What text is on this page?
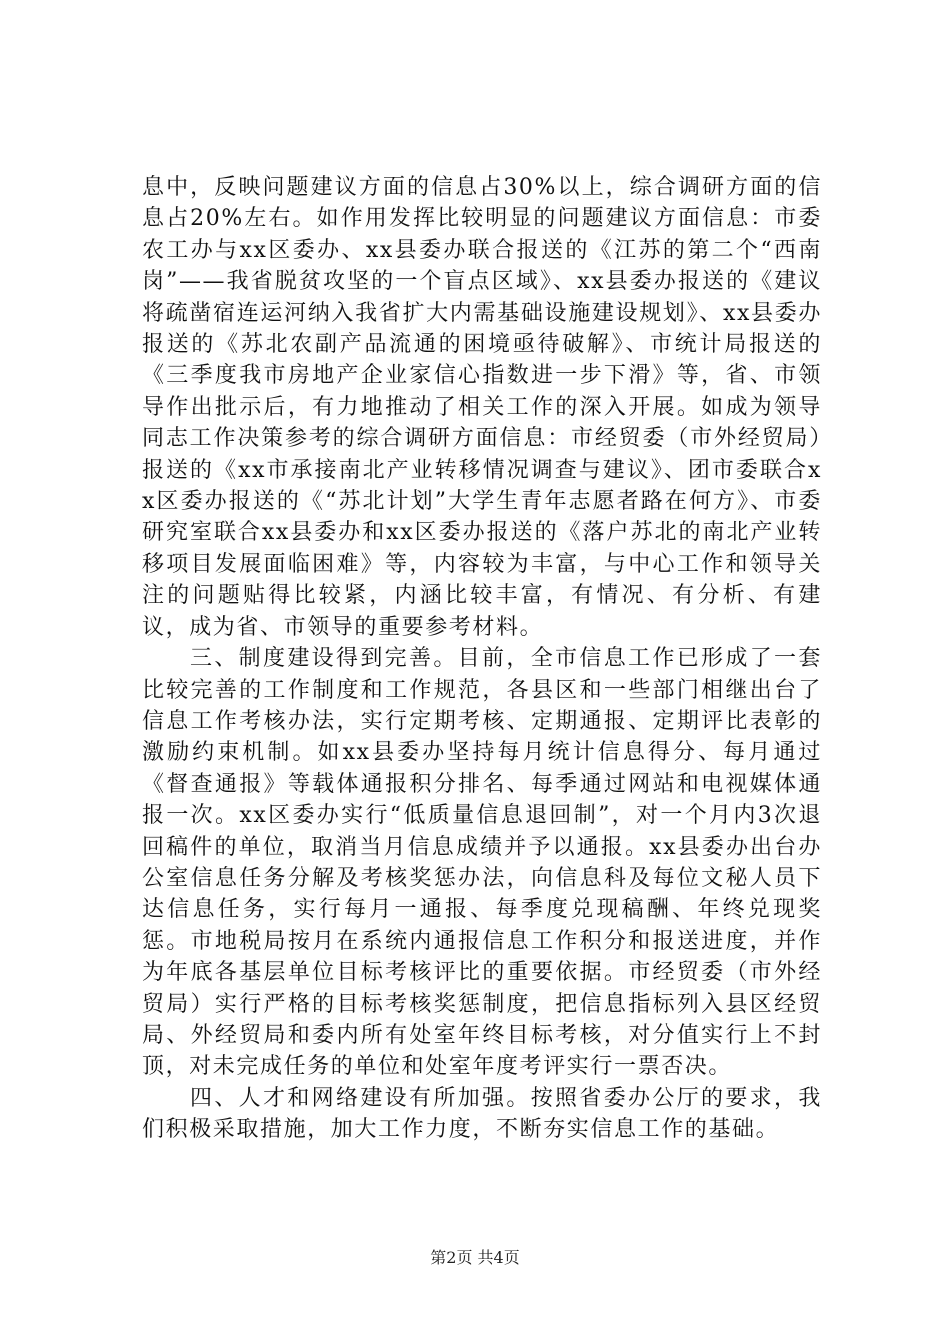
息中，反映问题建议方面的信息占30%以上，综合调研方面的信息占20%左右。如作用发挥比较明显的问题建议方面信息：市委农工办与xx区委办、xx县委办联合报送的《江苏的第二个“西南岗”——我省脱贫攻坚的一个盲点区域》、xx县委办报送的《建议将疏凿宿连运河纳入我省扩大内需基础设施建设规划》、xx县委办报送的《苏北农副产品流通的困境亟待破解》、市统计局报送的《三季度我市房地产企业家信心指数进一步下滑》等，省、市领导作出批示后，有力地推动了相关工作的深入开展。如成为领导同志工作决策参考的综合调研方面信息：市经贸委（市外经贸局）报送的《xx市承接南北产业转移情况调查与建议》、团市委联合xx区委办报送的《“苏北计划”大学生青年志愿者路在何方》、市委研究室联合xx县委办和xx区委办报送的《落户苏北的南北产业转移项目发展面临困难》等，内容较为丰富，与中心工作和领导关注的问题贴得比较紧，内涵比较丰富，有情况、有分析、有建议，成为省、市领导的重要参考材料。

三、制度建设得到完善。目前，全市信息工作已形成了一套比较完善的工作制度和工作规范，各县区和一些部门相继出台了信息工作考核办法，实行定期考核、定期通报、定期评比表彰的激励约束机制。如xx县委办坚持每月统计信息得分、每月通过《督查通报》等载体通报积分排名、每季通过网站和电视媒体通报一次。xx区委办实行“低质量信息退回制”，对一个月内3次退回稿件的单位，取消当月信息成绩并予以通报。xx县委办出台办公室信息任务分解及考核奖惩办法，向信息科及每位文秘人员下达信息任务，实行每月一通报、每季度兑现稿酬、年终兑现奖惩。市地税局按月在系统内通报信息工作积分和报送进度，并作为年底各基层单位目标考核评比的重要依据。市经贸委（市外经贸局）实行严格的目标考核奖惩制度，把信息指标列入县区经贸局、外经贸局和委内所有处室年终目标考核，对分值实行上不封顶，对未完成任务的单位和处室年度考评实行一票否决。

四、人才和网络建设有所加强。按照省委办公厅的要求，我们积极采取措施，加大工作力度，不断夯实信息工作的基础。

第2页 共4页
